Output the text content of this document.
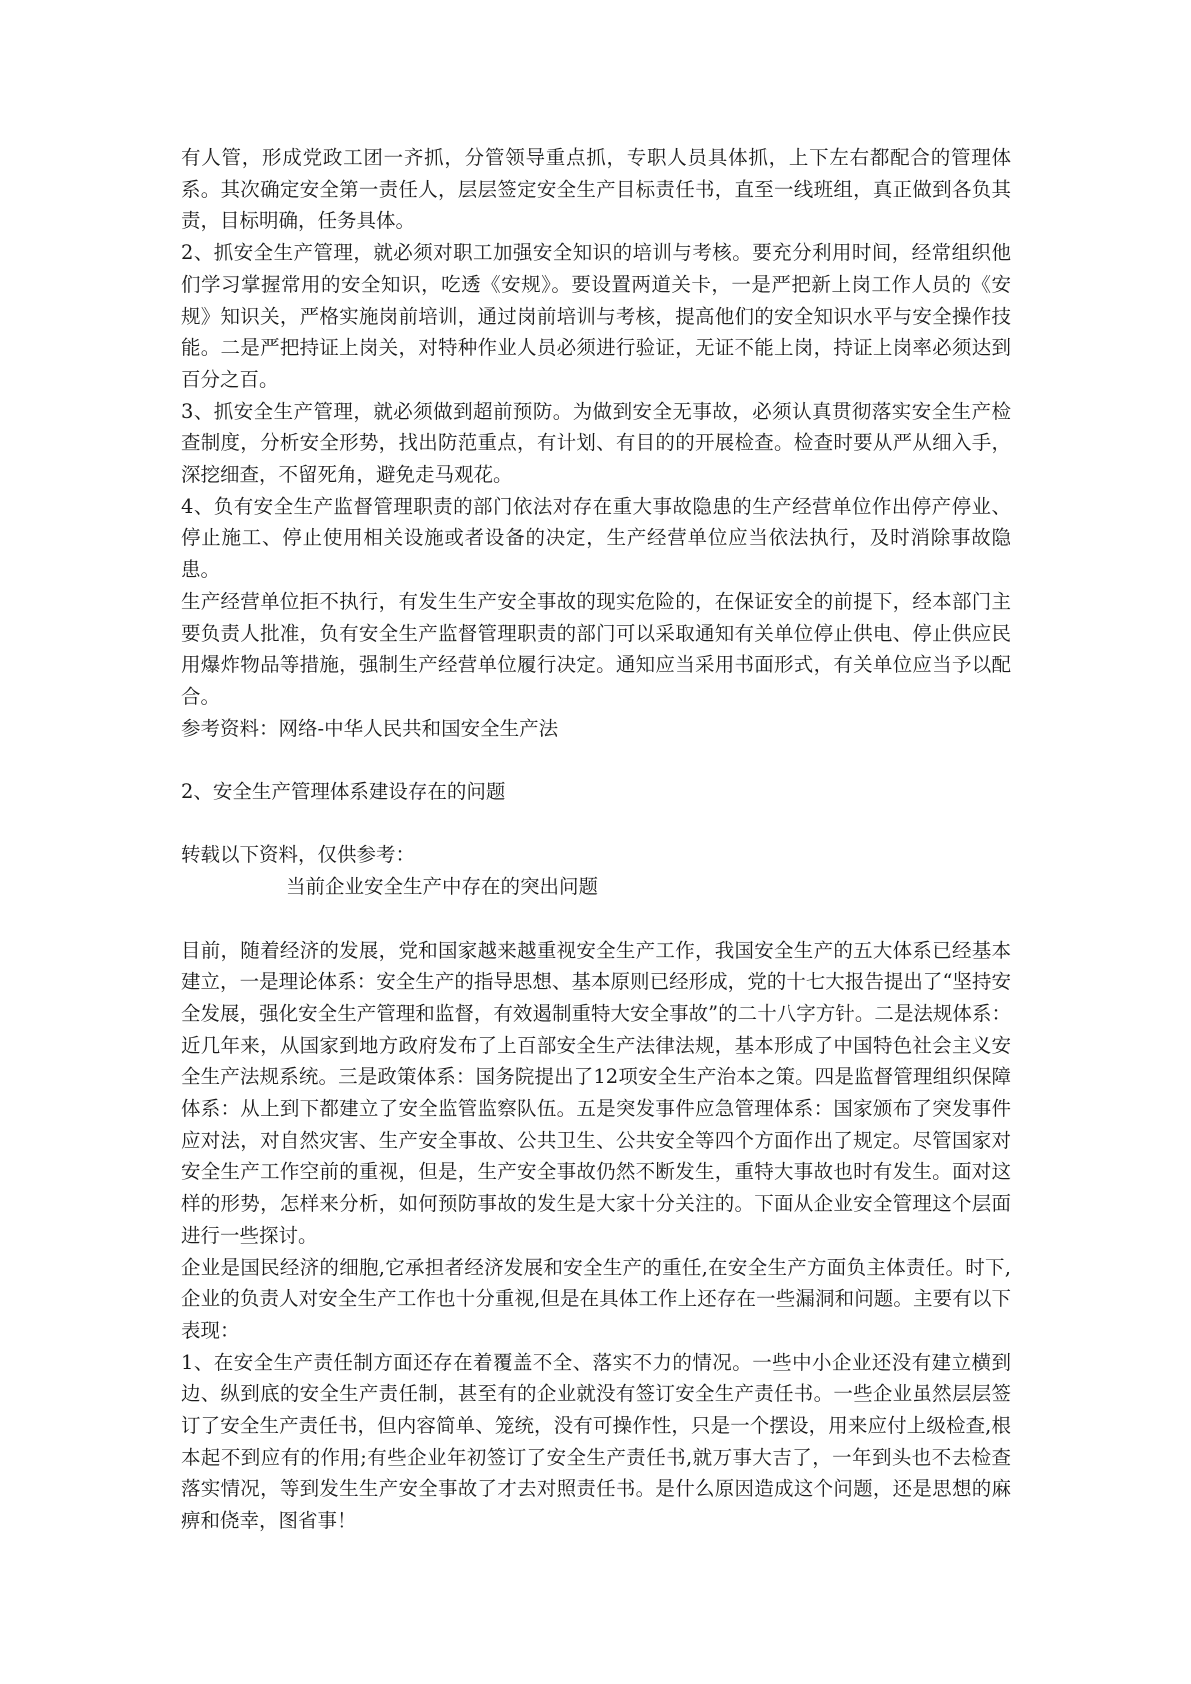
有人管，形成党政工团一齐抓，分管领导重点抓，专职人员具体抓，上下左右都配合的管理体系。其次确定安全第一责任人，层层签定安全生产目标责任书，直至一线班组，真正做到各负其责，目标明确，任务具体。

2、抓安全生产管理，就必须对职工加强安全知识的培训与考核。要充分利用时间，经常组织他们学习掌握常用的安全知识，吃透《安规》。要设置两道关卡，一是严把新上岗工作人员的《安规》知识关，严格实施岗前培训，通过岗前培训与考核，提高他们的安全知识水平与安全操作技能。二是严把持证上岗关，对特种作业人员必须进行验证，无证不能上岗，持证上岗率必须达到百分之百。

3、抓安全生产管理，就必须做到超前预防。为做到安全无事故，必须认真贯彻落实安全生产检查制度，分析安全形势，找出防范重点，有计划、有目的的开展检查。检查时要从严从细入手，深挖细查，不留死角，避免走马观花。

4、负有安全生产监督管理职责的部门依法对存在重大事故隐患的生产经营单位作出停产停业、停止施工、停止使用相关设施或者设备的决定，生产经营单位应当依法执行，及时消除事故隐患。

生产经营单位拒不执行，有发生生产安全事故的现实危险的，在保证安全的前提下，经本部门主要负责人批准，负有安全生产监督管理职责的部门可以采取通知有关单位停止供电、停止供应民用爆炸物品等措施，强制生产经营单位履行决定。通知应当采用书面形式，有关单位应当予以配合。

参考资料：网络-中华人民共和国安全生产法

2、安全生产管理体系建设存在的问题

转载以下资料，仅供参考：

当前企业安全生产中存在的突出问题

目前，随着经济的发展，党和国家越来越重视安全生产工作，我国安全生产的五大体系已经基本建立，一是理论体系：安全生产的指导思想、基本原则已经形成，党的十七大报告提出了“坚持安全发展，强化安全生产管理和监督，有效遏制重特大安全事故”的二十八字方针。二是法规体系：近几年来，从国家到地方政府发布了上百部安全生产法律法规，基本形成了中国特色社会主义安全生产法规系统。三是政策体系：国务院提出了12项安全生产治本之策。四是监督管理组织保障体系：从上到下都建立了安全监管监察队伍。五是突发事件应急管理体系：国家颁布了突发事件应对法，对自然灾害、生产安全事故、公共卫生、公共安全等四个方面作出了规定。尽管国家对安全生产工作空前的重视，但是，生产安全事故仍然不断发生，重特大事故也时有发生。面对这样的形势，怎样来分析，如何预防事故的发生是大家十分关注的。下面从企业安全管理这个层面进行一些探讨。

企业是国民经济的细胞,它承担者经济发展和安全生产的重任,在安全生产方面负主体责任。时下,企业的负责人对安全生产工作也十分重视,但是在具体工作上还存在一些漏洞和问题。主要有以下表现：

1、在安全生产责任制方面还存在着覆盖不全、落实不力的情况。一些中小企业还没有建立横到边、纵到底的安全生产责任制，甚至有的企业就没有签订安全生产责任书。一些企业虽然层层签订了安全生产责任书，但内容简单、笼统，没有可操作性，只是一个摆设，用来应付上级检查,根本起不到应有的作用;有些企业年初签订了安全生产责任书,就万事大吉了，一年到头也不去检查落实情况，等到发生生产安全事故了才去对照责任书。是什么原因造成这个问题，还是思想的麻痹和侥幸，图省事！
